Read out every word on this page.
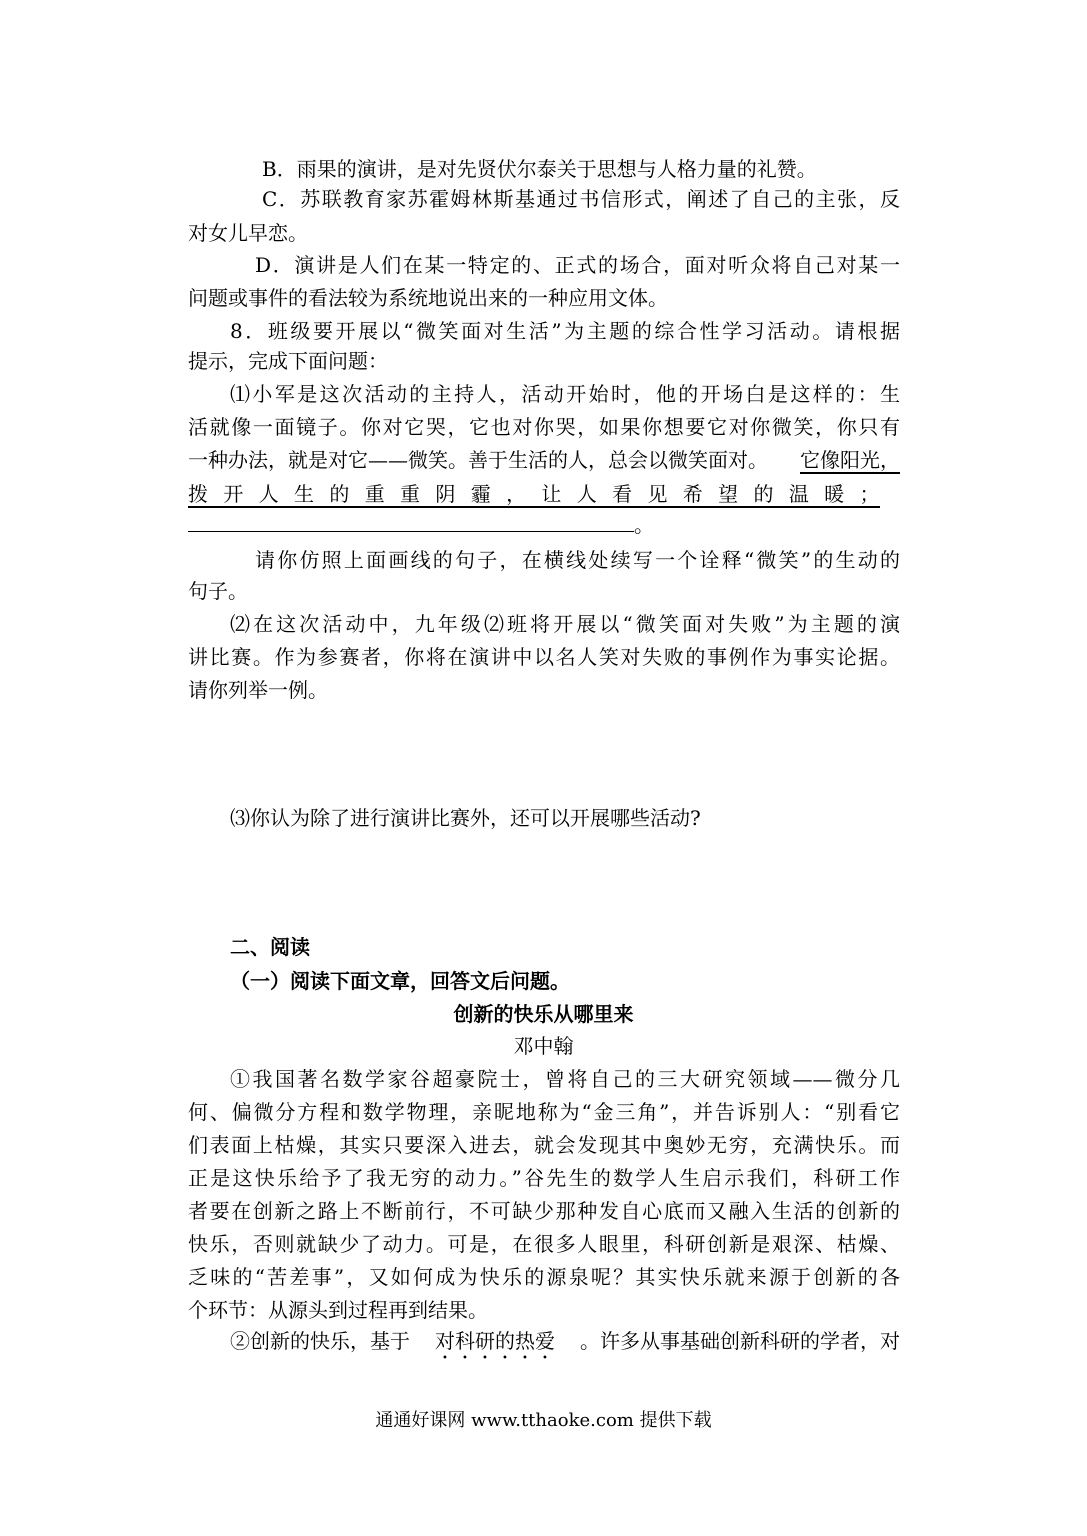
B．雨果的演讲，是对先贤伏尔泰关于思想与人格力量的礼赞。
C．苏联教育家苏霍姆林斯基通过书信形式，阐述了自己的主张，反
对女儿早恋。
D．演讲是人们在某一特定的、正式的场合，面对听众将自己对某一
问题或事件的看法较为系统地说出来的一种应用文体。
8．班级要开展以“微笑面对生活”为主题的综合性学习活动。请根据
提示，完成下面问题：
⑴小军是这次活动的主持人，活动开始时，他的开场白是这样的：生
活就像一面镜子。你对它哭，它也对你哭，如果你想要它对你微笑，你只有
一种办法，就是对它——微笑。善于生活的人，总会以微笑面对。 它像阳光，
拨开人生的重重阴霾，让人看见希望的温暖；
。
请你仿照上面画线的句子，在横线处续写一个诠释“微笑”的生动的
句子。
⑵在这次活动中，九年级⑵班将开展以“微笑面对失败”为主题的演
讲比赛。作为参赛者，你将在演讲中以名人笑对失败的事例作为事实论据。
请你列举一例。
⑶你认为除了进行演讲比赛外，还可以开展哪些活动?
二、阅读
（一）阅读下面文章，回答文后问题。
创新的快乐从哪里来
邓中翰
①我国著名数学家谷超豪院士，曾将自己的三大研究领域——微分几
何、偏微分方程和数学物理，亲昵地称为“金三角”，并告诉别人：“别看它
们表面上枯燥，其实只要深入进去，就会发现其中奥妙无穷，充满快乐。而
正是这快乐给予了我无穷的动力。”谷先生的数学人生启示我们，科研工作
者要在创新之路上不断前行，不可缺少那种发自心底而又融入生活的创新的
快乐，否则就缺少了动力。可是，在很多人眼里，科研创新是艰深、枯燥、
乏味的“苦差事”，又如何成为快乐的源泉呢？其实快乐就来源于创新的各
个环节：从源头到过程再到结果。
②创新的快乐，基于 对科研的热爱 。许多从事基础创新科研的学者，对
通通好课网 www.tthaoke.com 提供下载
